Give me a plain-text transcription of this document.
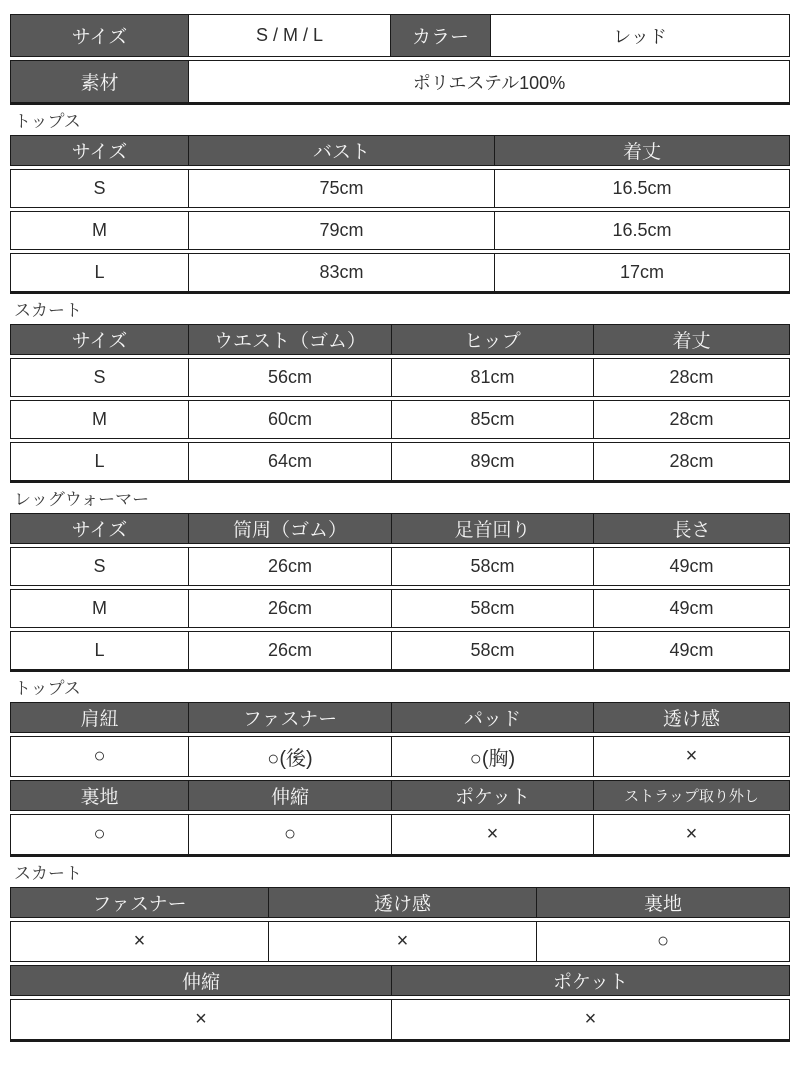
サイズ	S / M / L	カラー	レッド
素材	ポリエステル100%
トップス
サイズ	バスト	着丈
S	75cm	16.5cm
M	79cm	16.5cm
L	83cm	17cm
スカート
サイズ	ウエスト（ゴム）	ヒップ	着丈
S	56cm	81cm	28cm
M	60cm	85cm	28cm
L	64cm	89cm	28cm
レッグウォーマー
サイズ	筒周（ゴム）	足首回り	長さ
S	26cm	58cm	49cm
M	26cm	58cm	49cm
L	26cm	58cm	49cm
トップス
肩紐	ファスナー	パッド	透け感
○	○(後)	○(胸)	×
裏地	伸縮	ポケット	ストラップ取り外し
○	○	×	×
スカート
ファスナー	透け感	裏地
×	×	○
伸縮	ポケット
×	×
